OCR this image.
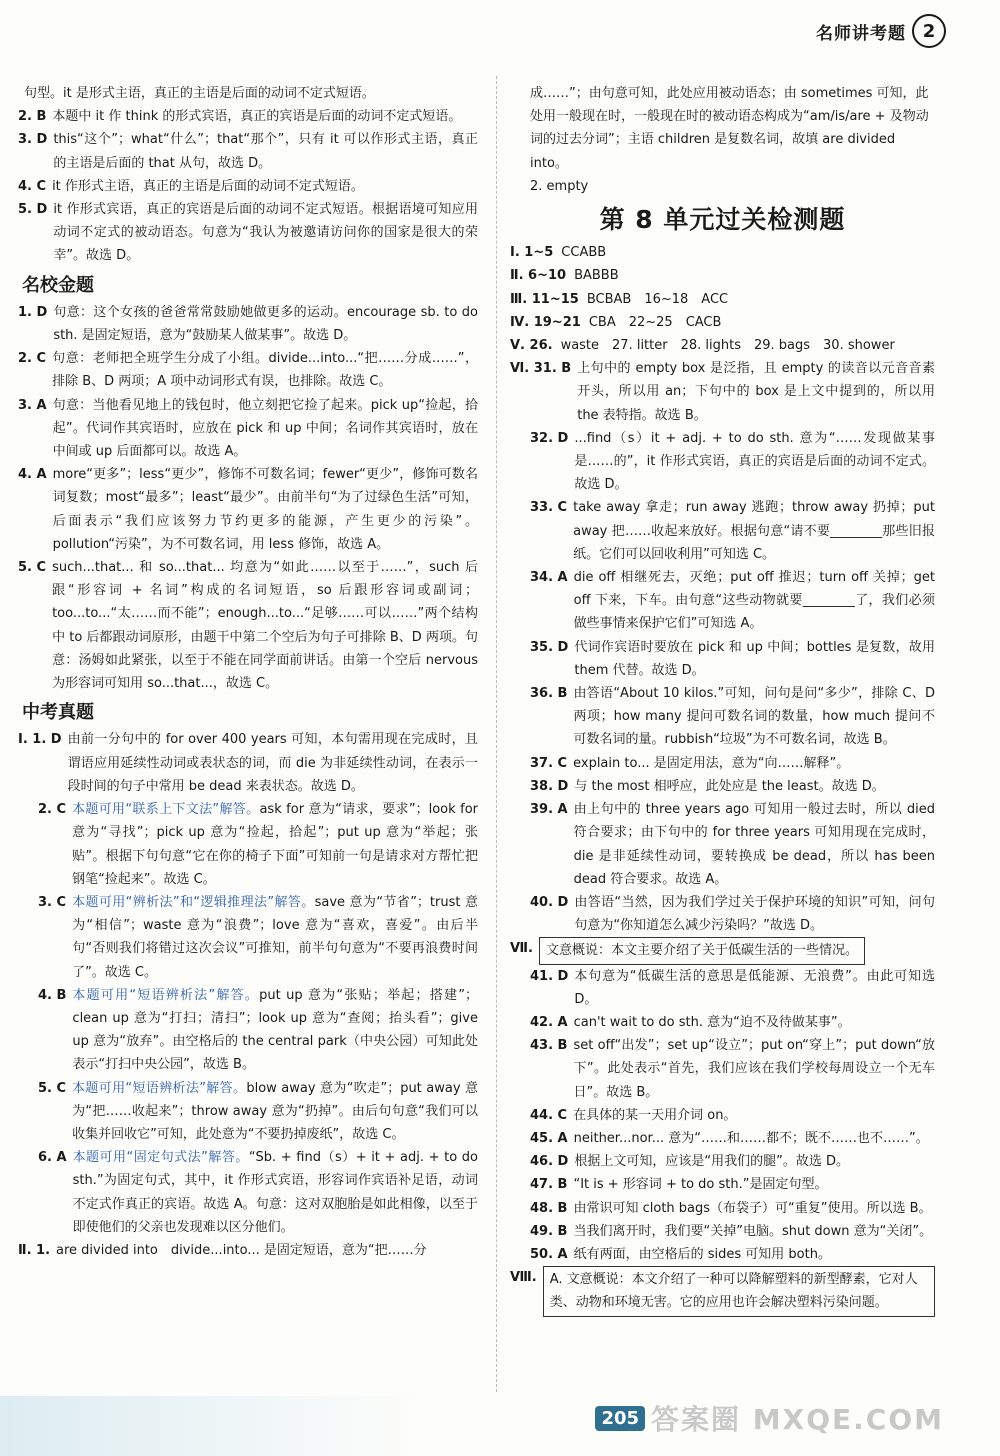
名师讲考题 2
句型。it 是形式主语，真正的主语是后面的动词不定式短语。
2. B 本题中 it 作 think 的形式宾语，真正的宾语是后面的动词不定式短语。
3. D this“这个”；what“什么”；that“那个”，只有 it 可以作形式主语，真正的主语是后面的 that 从句，故选 D。
4. C it 作形式主语，真正的主语是后面的动词不定式短语。
5. D it 作形式宾语，真正的宾语是后面的动词不定式短语。根据语境可知应用动词不定式的被动语态。句意为“我认为被邀请访问你的国家是很大的荣幸”。故选 D。
名校金题
1. D 句意：这个女孩的爸爸常常鼓励她做更多的运动。encourage sb. to do sth. 是固定短语，意为“鼓励某人做某事”。故选 D。
2. C 句意：老师把全班学生分成了小组。divide...into...“把……分成……”，排除 B、D 两项；A 项中动词形式有误，也排除。故选 C。
3. A 句意：当他看见地上的钱包时，他立刻把它捡了起来。pick up“捡起，拾起”。代词作其宾语时，应放在 pick 和 up 中间；名词作其宾语时，放在中间或 up 后面都可以。故选 A。
4. A more“更多”；less“更少”，修饰不可数名词；fewer“更少”，修饰可数名词复数；most“最多”；least“最少”。由前半句“为了过绿色生活”可知，后面表示“我们应该努力节约更多的能源，产生更少的污染”。pollution“污染”，为不可数名词，用 less 修饰，故选 A。
5. C such...that... 和 so...that... 均意为“如此……以至于……”，such 后跟“形容词 + 名词”构成的名词短语，so 后跟形容词或副词；too...to...“太……而不能”；enough...to...“足够……可以……”两个结构中 to 后都跟动词原形，由题干中第二个空后为句子可排除 B、D 两项。句意：汤姆如此紧张，以至于不能在同学面前讲话。由第一个空后 nervous 为形容词可知用 so...that...，故选 C。
中考真题
Ⅰ. 1. D 由前一分句中的 for over 400 years 可知，本句需用现在完成时，且谓语应用延续性动词或表状态的词，而 die 为非延续性动词，在表示一段时间的句子中常用 be dead 来表状态。故选 D。
2. C 本题可用“联系上下文法”解答。ask for 意为“请求，要求”；look for 意为“寻找”；pick up 意为“捡起，拾起”；put up 意为“举起；张贴”。根据下句句意“它在你的椅子下面”可知前一句是请求对方帮忙把钢笔“捡起来”。故选 C。
3. C 本题可用“辨析法”和“逻辑推理法”解答。save 意为“节省”；trust 意为“相信”；waste 意为“浪费”；love 意为“喜欢，喜爱”。由后半句“否则我们将错过这次会议”可推知，前半句句意为“不要再浪费时间了”。故选 C。
4. B 本题可用“短语辨析法”解答。put up 意为“张贴；举起；搭建”；clean up 意为“打扫；清扫”；look up 意为“查阅；抬头看”；give up 意为“放弃”。由空格后的 the central park（中央公园）可知此处表示“打扫中央公园”，故选 B。
5. C 本题可用“短语辨析法”解答。blow away 意为“吹走”；put away 意为“把……收起来”；throw away 意为“扔掉”。由后句句意“我们可以收集并回收它”可知，此处意为“不要扔掉废纸”，故选 C。
6. A 本题可用“固定句式法”解答。“Sb. + find（s）+ it + adj. + to do sth.”为固定句式，其中，it 作形式宾语，形容词作宾语补足语，动词不定式作真正的宾语。故选 A。句意：这对双胞胎是如此相像，以至于即使他们的父亲也发现难以区分他们。
Ⅱ. 1. are divided into　divide...into... 是固定短语，意为“把……分

成……”；由句意可知，此处应用被动语态；由 sometimes 可知，此处用一般现在时，一般现在时的被动语态构成为“am/is/are + 及物动词的过去分词”；主语 children 是复数名词，故填 are divided into。

2. empty

第 8 单元过关检测题
Ⅰ. 1~5 CCABB
Ⅱ. 6~10 BABBB
Ⅲ. 11~15 BCBAB　16~18　ACC
Ⅳ. 19~21 CBA　22~25　CACB
Ⅴ. 26. waste　27. litter　28. lights　29. bags　30. shower
Ⅵ. 31. B 上句中的 empty box 是泛指，且 empty 的读音以元音音素开头，所以用 an；下句中的 box 是上文中提到的，所以用 the 表特指。故选 B。
32. D ...find（s）it + adj. + to do sth. 意为“……发现做某事是……的”，it 作形式宾语，真正的宾语是后面的动词不定式。故选 D。
33. C take away 拿走；run away 逃跑；throw away 扔掉；put away 把……收起来放好。根据句意“请不要________那些旧报纸。它们可以回收利用”可知选 C。
34. A die off 相继死去，灭绝；put off 推迟；turn off 关掉；get off 下来，下车。由句意“这些动物就要________了，我们必须做些事情来保护它们”可知选 A。
35. D 代词作宾语时要放在 pick 和 up 中间；bottles 是复数，故用 them 代替。故选 D。
36. B 由答语“About 10 kilos.”可知，问句是问“多少”，排除 C、D 两项；how many 提问可数名词的数量，how much 提问不可数名词的量。rubbish“垃圾”为不可数名词，故选 B。
37. C explain to... 是固定用法，意为“向……解释”。
38. D 与 the most 相呼应，此处应是 the least。故选 D。
39. A 由上句中的 three years ago 可知用一般过去时，所以 died 符合要求；由下句中的 for three years 可知用现在完成时，die 是非延续性动词，要转换成 be dead，所以 has been dead 符合要求。故选 A。
40. D 由答语“当然，因为我们学过关于保护环境的知识”可知，问句句意为“你知道怎么减少污染吗？”故选 D。
Ⅶ.	文意概说：本文主要介绍了关于低碳生活的一些情况。
41. D 本句意为“低碳生活的意思是低能源、无浪费”。由此可知选 D。
42. A can't wait to do sth. 意为“迫不及待做某事”。
43. B set off“出发”；set up“设立”；put on“穿上”；put down“放下”。此处表示“首先，我们应该在我们学校每周设立一个无车日”。故选 B。
44. C 在具体的某一天用介词 on。
45. A neither...nor... 意为“……和……都不；既不……也不……”。
46. D 根据上文可知，应该是“用我们的腿”。故选 D。
47. B “It is + 形容词 + to do sth.”是固定句型。
48. B 由常识可知 cloth bags（布袋子）可“重复”使用。所以选 B。
49. B 当我们离开时，我们要“关掉”电脑。shut down 意为“关闭”。
50. A 纸有两面，由空格后的 sides 可知用 both。
Ⅷ.	A. 文意概说：本文介绍了一种可以降解塑料的新型酵素，它对人类、动物和环境无害。它的应用也许会解决塑料污染问题。
205 答案圈 MXQE.COM
